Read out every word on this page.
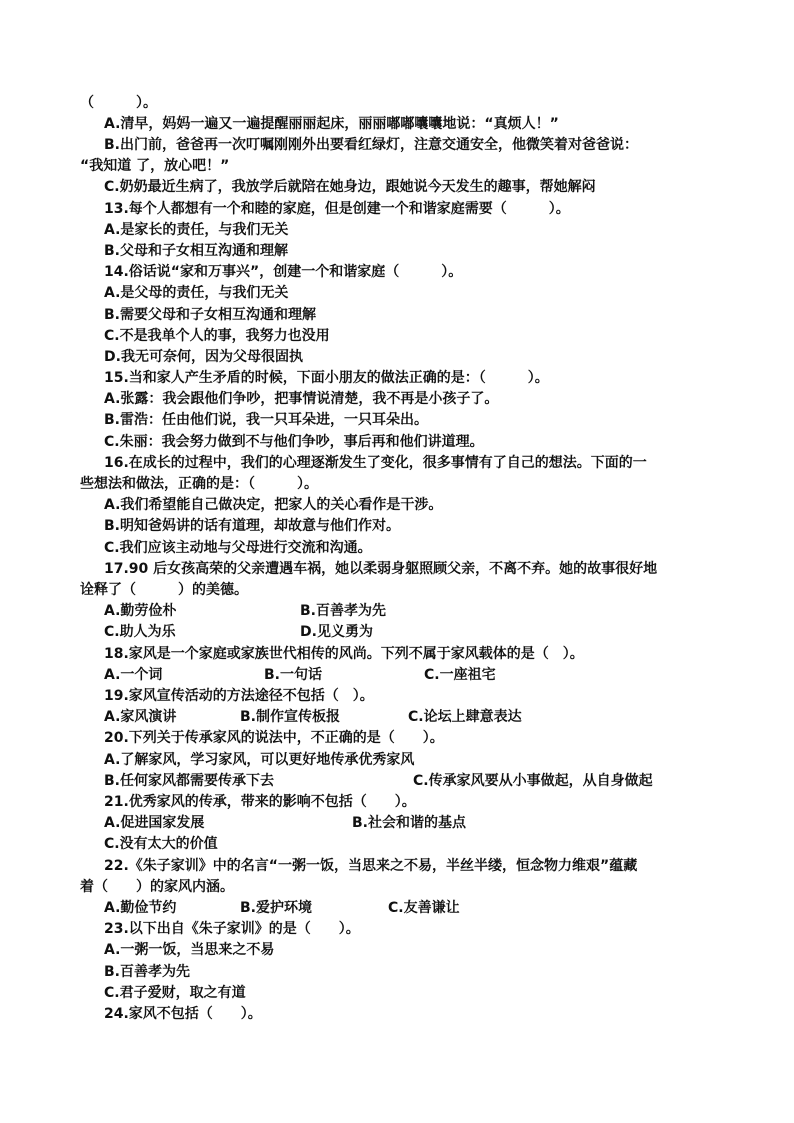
（　　　）。
A.清早，妈妈一遍又一遍提醒丽丽起床，丽丽嘟嘟囔囔地说：“真烦人！”
B.出门前，爸爸再一次叮嘱刚刚外出要看红绿灯，注意交通安全，他微笑着对爸爸说：
“我知道 了，放心吧！”
C.奶奶最近生病了，我放学后就陪在她身边，跟她说今天发生的趣事，帮她解闷
13.每个人都想有一个和睦的家庭，但是创建一个和谐家庭需要（　　　）。
A.是家长的责任，与我们无关
B.父母和子女相互沟通和理解
14.俗话说“家和万事兴”，创建一个和谐家庭（　　　）。
A.是父母的责任，与我们无关
B.需要父母和子女相互沟通和理解
C.不是我单个人的事，我努力也没用
D.我无可奈何，因为父母很固执
15.当和家人产生矛盾的时候，下面小朋友的做法正确的是：（　　　）。
A.张露：我会跟他们争吵，把事情说清楚，我不再是小孩子了。
B.雷浩：任由他们说，我一只耳朵进，一只耳朵出。
C.朱丽：我会努力做到不与他们争吵，事后再和他们讲道理。
16.在成长的过程中，我们的心理逐渐发生了变化，很多事情有了自己的想法。下面的一
些想法和做法，正确的是：（　　　）。
A.我们希望能自己做决定，把家人的关心看作是干涉。
B.明知爸妈讲的话有道理，却故意与他们作对。
C.我们应该主动地与父母进行交流和沟通。
17.90 后女孩高荣的父亲遭遇车祸，她以柔弱身躯照顾父亲，不离不弃。她的故事很好地
诠释了（　　　）的美德。
A.勤劳俭朴	B.百善孝为先
C.助人为乐	D.见义勇为
18.家风是一个家庭或家族世代相传的风尚。下列不属于家风载体的是（　）。
A.一个词	B.一句话	C.一座祖宅
19.家风宣传活动的方法途径不包括（　）。
A.家风演讲	B.制作宣传板报	C.论坛上肆意表达
20.下列关于传承家风的说法中，不正确的是（　　）。
A.了解家风，学习家风，可以更好地传承优秀家风
B.任何家风都需要传承下去	C.传承家风要从小事做起，从自身做起
21.优秀家风的传承，带来的影响不包括（　　）。
A.促进国家发展	B.社会和谐的基点
C.没有太大的价值
22.《朱子家训》中的名言“一粥一饭，当思来之不易，半丝半缕，恒念物力维艰”蕴藏
着（　　）的家风内涵。
A.勤俭节约	B.爱护环境	C.友善谦让
23.以下出自《朱子家训》的是（　　）。
A.一粥一饭，当思来之不易
B.百善孝为先
C.君子爱财，取之有道
24.家风不包括（　　）。
